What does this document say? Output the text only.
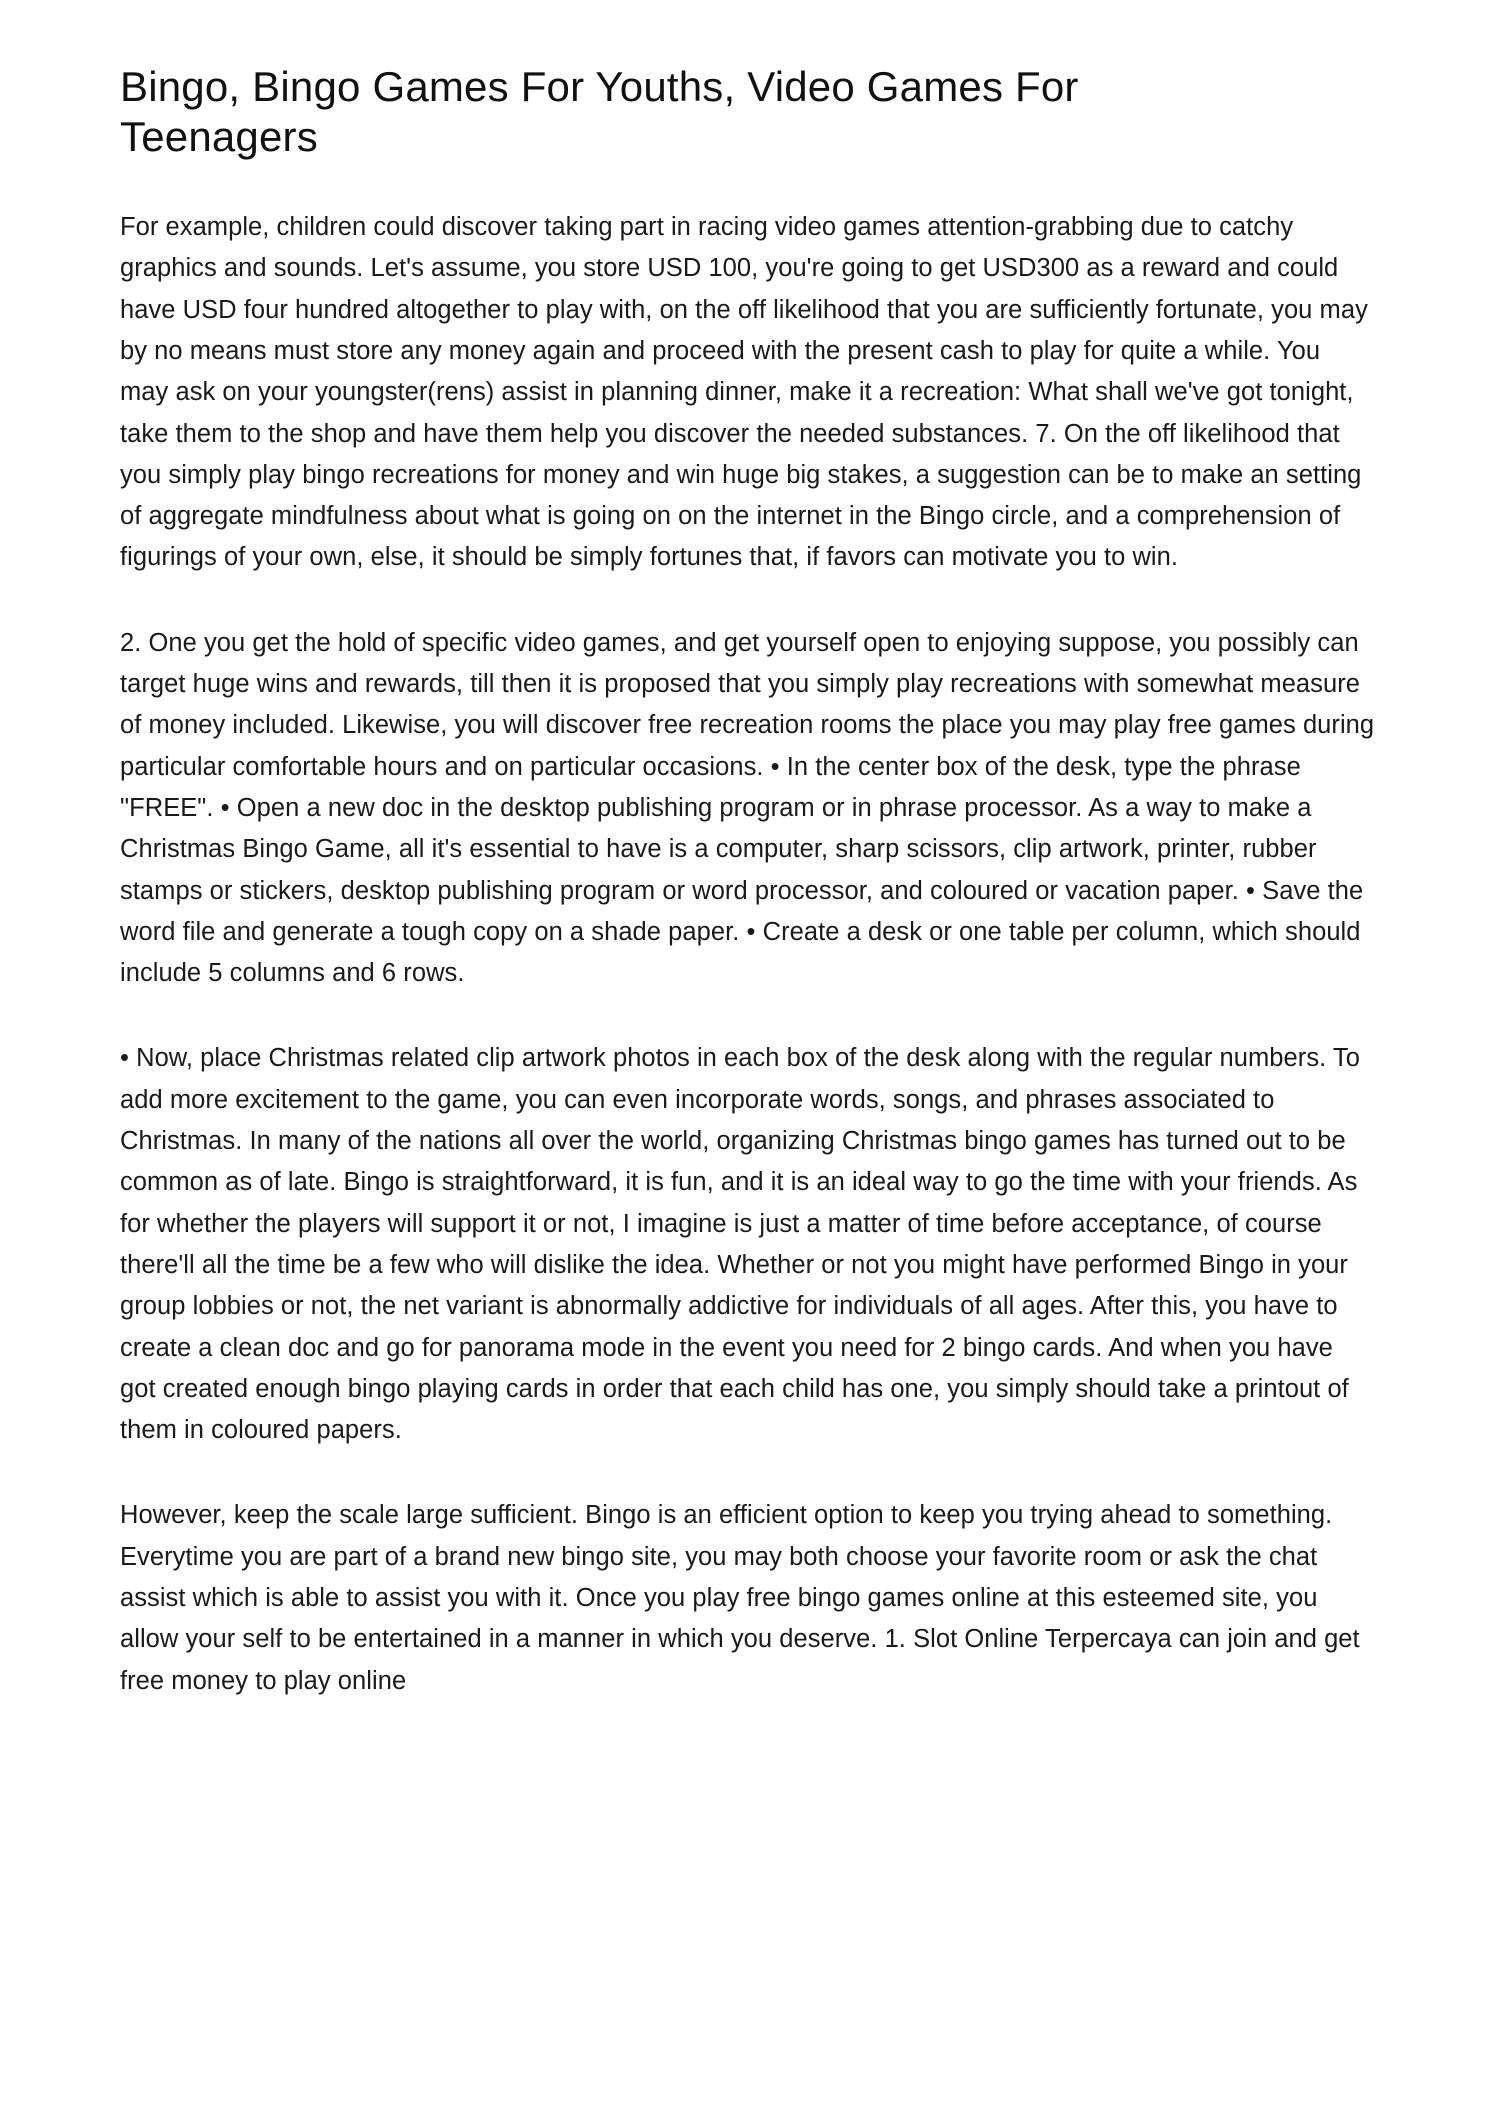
Bingo, Bingo Games For Youths, Video Games For Teenagers

For example, children could discover taking part in racing video games attention-grabbing due to catchy graphics and sounds. Let's assume, you store USD 100, you're going to get USD300 as a reward and could have USD four hundred altogether to play with, on the off likelihood that you are sufficiently fortunate, you may by no means must store any money again and proceed with the present cash to play for quite a while. You may ask on your youngster(rens) assist in planning dinner, make it a recreation: What shall we've got tonight, take them to the shop and have them help you discover the needed substances. 7. On the off likelihood that you simply play bingo recreations for money and win huge big stakes, a suggestion can be to make an setting of aggregate mindfulness about what is going on on the internet in the Bingo circle, and a comprehension of figurings of your own, else, it should be simply fortunes that, if favors can motivate you to win.

2. One you get the hold of specific video games, and get yourself open to enjoying suppose, you possibly can target huge wins and rewards, till then it is proposed that you simply play recreations with somewhat measure of money included. Likewise, you will discover free recreation rooms the place you may play free games during particular comfortable hours and on particular occasions. • In the center box of the desk, type the phrase "FREE". • Open a new doc in the desktop publishing program or in phrase processor. As a way to make a Christmas Bingo Game, all it's essential to have is a computer, sharp scissors, clip artwork, printer, rubber stamps or stickers, desktop publishing program or word processor, and coloured or vacation paper. • Save the word file and generate a tough copy on a shade paper. • Create a desk or one table per column, which should include 5 columns and 6 rows.

• Now, place Christmas related clip artwork photos in each box of the desk along with the regular numbers. To add more excitement to the game, you can even incorporate words, songs, and phrases associated to Christmas. In many of the nations all over the world, organizing Christmas bingo games has turned out to be common as of late. Bingo is straightforward, it is fun, and it is an ideal way to go the time with your friends. As for whether the players will support it or not, I imagine is just a matter of time before acceptance, of course there'll all the time be a few who will dislike the idea. Whether or not you might have performed Bingo in your group lobbies or not, the net variant is abnormally addictive for individuals of all ages. After this, you have to create a clean doc and go for panorama mode in the event you need for 2 bingo cards. And when you have got created enough bingo playing cards in order that each child has one, you simply should take a printout of them in coloured papers.

However, keep the scale large sufficient. Bingo is an efficient option to keep you trying ahead to something. Everytime you are part of a brand new bingo site, you may both choose your favorite room or ask the chat assist which is able to assist you with it. Once you play free bingo games online at this esteemed site, you allow your self to be entertained in a manner in which you deserve. 1. Slot Online Terpercaya can join and get free money to play online
